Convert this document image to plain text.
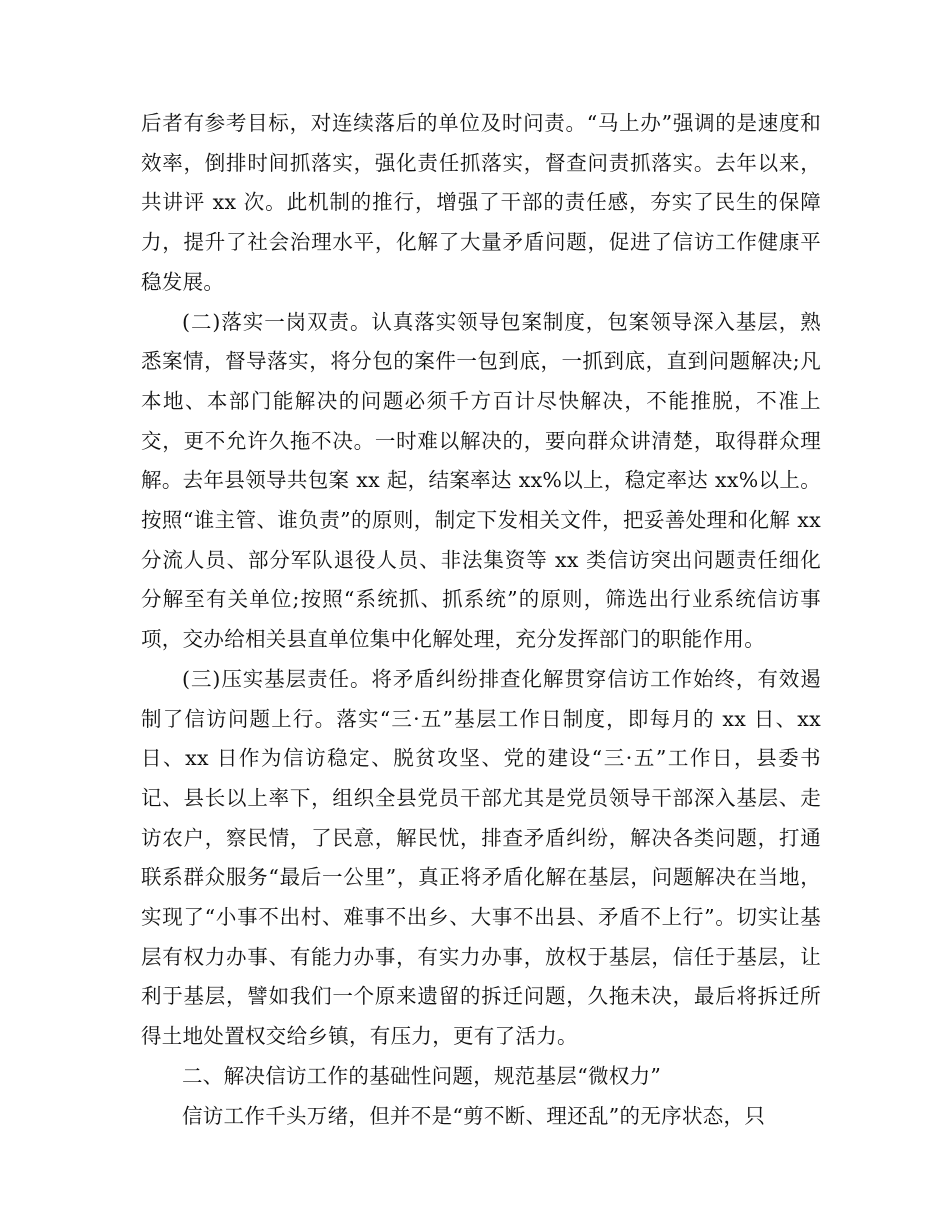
后者有参考目标，对连续落后的单位及时问责。“马上办”强调的是速度和效率，倒排时间抓落实，强化责任抓落实，督查问责抓落实。去年以来，共讲评 xx 次。此机制的推行，增强了干部的责任感，夯实了民生的保障力，提升了社会治理水平，化解了大量矛盾问题，促进了信访工作健康平稳发展。

(二)落实一岗双责。认真落实领导包案制度，包案领导深入基层，熟悉案情，督导落实，将分包的案件一包到底，一抓到底，直到问题解决;凡本地、本部门能解决的问题必须千方百计尽快解决，不能推脱，不准上交，更不允许久拖不决。一时难以解决的，要向群众讲清楚，取得群众理解。去年县领导共包案 xx 起，结案率达 xx%以上，稳定率达 xx%以上。按照“谁主管、谁负责”的原则，制定下发相关文件，把妥善处理和化解 xx 分流人员、部分军队退役人员、非法集资等 xx 类信访突出问题责任细化分解至有关单位;按照“系统抓、抓系统”的原则，筛选出行业系统信访事项，交办给相关县直单位集中化解处理，充分发挥部门的职能作用。

(三)压实基层责任。将矛盾纠纷排查化解贯穿信访工作始终，有效遏制了信访问题上行。落实“三·五”基层工作日制度，即每月的 xx 日、xx 日、xx 日作为信访稳定、脱贫攻坚、党的建设“三·五”工作日，县委书记、县长以上率下，组织全县党员干部尤其是党员领导干部深入基层、走访农户，察民情，了民意，解民忧，排查矛盾纠纷，解决各类问题，打通联系群众服务“最后一公里”，真正将矛盾化解在基层，问题解决在当地，实现了“小事不出村、难事不出乡、大事不出县、矛盾不上行”。切实让基层有权力办事、有能力办事，有实力办事，放权于基层，信任于基层，让利于基层，譬如我们一个原来遗留的拆迁问题，久拖未决，最后将拆迁所得土地处置权交给乡镇，有压力，更有了活力。

二、解决信访工作的基础性问题，规范基层“微权力”

信访工作千头万绪，但并不是“剪不断、理还乱”的无序状态，只
